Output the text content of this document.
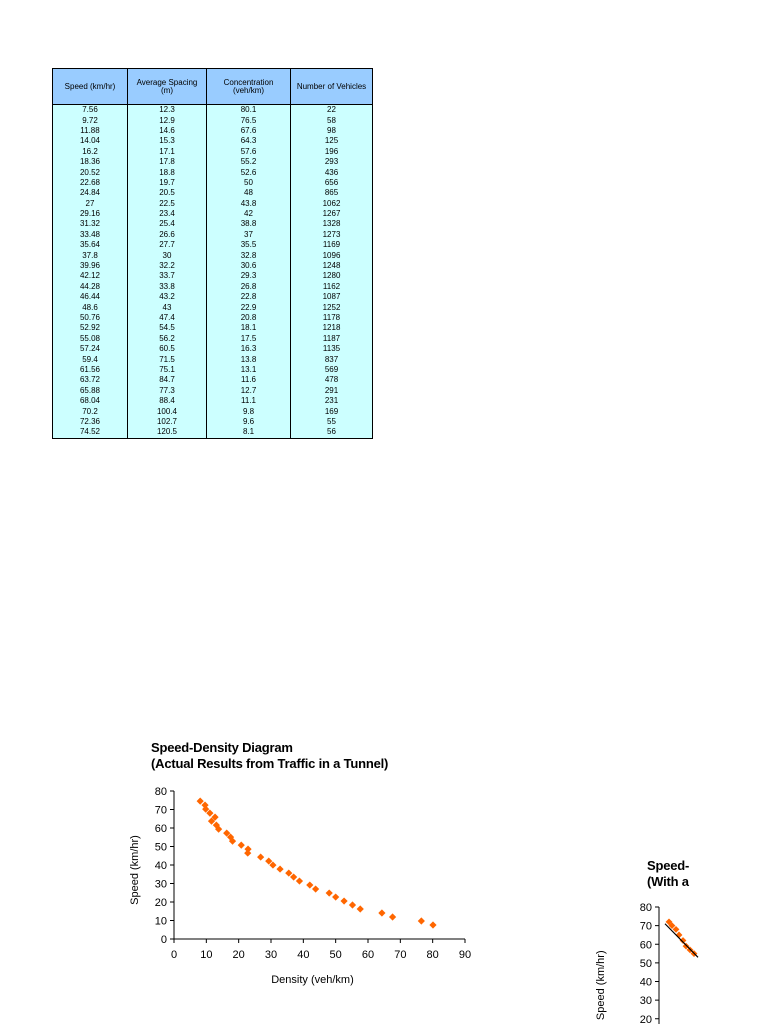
Speed (km/hr)	Average Spacing (m)	Concentration (veh/km)	Number of Vehicles
7.56	12.3	80.1	22
9.72	12.9	76.5	58
11.88	14.6	67.6	98
14.04	15.3	64.3	125
16.2	17.1	57.6	196
18.36	17.8	55.2	293
20.52	18.8	52.6	436
22.68	19.7	50	656
24.84	20.5	48	865
27	22.5	43.8	1062
29.16	23.4	42	1267
31.32	25.4	38.8	1328
33.48	26.6	37	1273
35.64	27.7	35.5	1169
37.8	30	32.8	1096
39.96	32.2	30.6	1248
42.12	33.7	29.3	1280
44.28	33.8	26.8	1162
46.44	43.2	22.8	1087
48.6	43	22.9	1252
50.76	47.4	20.8	1178
52.92	54.5	18.1	1218
55.08	56.2	17.5	1187
57.24	60.5	16.3	1135
59.4	71.5	13.8	837
61.56	75.1	13.1	569
63.72	84.7	11.6	478
65.88	77.3	12.7	291
68.04	88.4	11.1	231
70.2	100.4	9.8	169
72.36	102.7	9.6	55
74.52	120.5	8.1	56
Speed-Density Diagram
(Actual Results from Traffic in a Tunnel)
0
10
20
30
40
50
60
70
80
0 10 20 30 40 50 60 70 80 90
Density (veh/km)
Speed (km/hr)	Speed-
(With a
20
30
40
50
60
70
80
Speed (km/hr)
